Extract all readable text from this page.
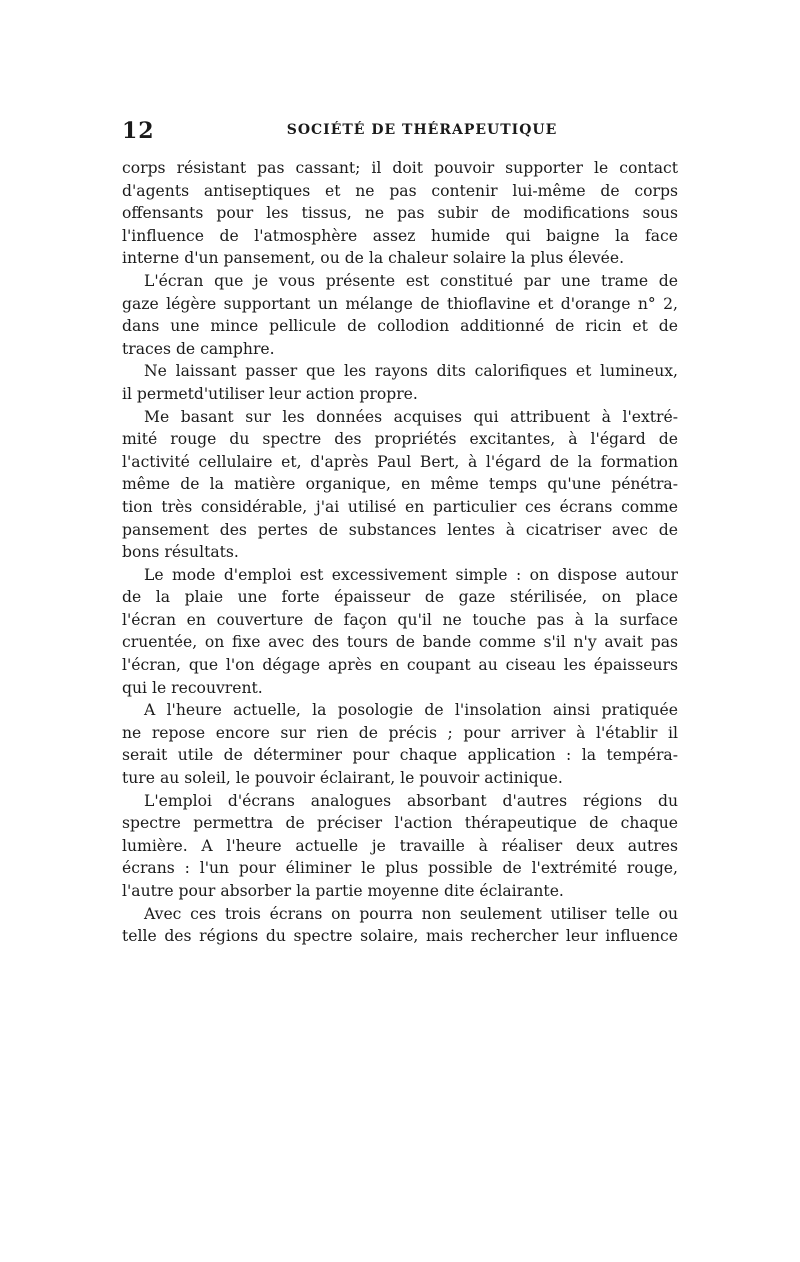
12	SOCIÉTÉ DE THÉRAPEUTIQUE
corps résistant pas cassant; il doit pouvoir supporter le contact
d'agents antiseptiques et ne pas contenir lui-même de corps
offensants pour les tissus, ne pas subir de modifications sous
l'influence de l'atmosphère assez humide qui baigne la face
interne d'un pansement, ou de la chaleur solaire la plus élevée.
L'écran que je vous présente est constitué par une trame de
gaze légère supportant un mélange de thioflavine et d'orange n° 2,
dans une mince pellicule de collodion additionné de ricin et de
traces de camphre.
Ne laissant passer que les rayons dits calorifiques et lumineux,
il permetd'utiliser leur action propre.
Me basant sur les données acquises qui attribuent à l'extré-
mité rouge du spectre des propriétés excitantes, à l'égard de
l'activité cellulaire et, d'après Paul Bert, à l'égard de la formation
même de la matière organique, en même temps qu'une pénétra-
tion très considérable, j'ai utilisé en particulier ces écrans comme
pansement des pertes de substances lentes à cicatriser avec de
bons résultats.
Le mode d'emploi est excessivement simple : on dispose autour
de la plaie une forte épaisseur de gaze stérilisée, on place
l'écran en couverture de façon qu'il ne touche pas à la surface
cruentée, on fixe avec des tours de bande comme s'il n'y avait pas
l'écran, que l'on dégage après en coupant au ciseau les épaisseurs
qui le recouvrent.
A l'heure actuelle, la posologie de l'insolation ainsi pratiquée
ne repose encore sur rien de précis ; pour arriver à l'établir il
serait utile de déterminer pour chaque application : la tempéra-
ture au soleil, le pouvoir éclairant, le pouvoir actinique.
L'emploi d'écrans analogues absorbant d'autres régions du
spectre permettra de préciser l'action thérapeutique de chaque
lumière. A l'heure actuelle je travaille à réaliser deux autres
écrans : l'un pour éliminer le plus possible de l'extrémité rouge,
l'autre pour absorber la partie moyenne dite éclairante.
Avec ces trois écrans on pourra non seulement utiliser telle ou
telle des régions du spectre solaire, mais rechercher leur influence
